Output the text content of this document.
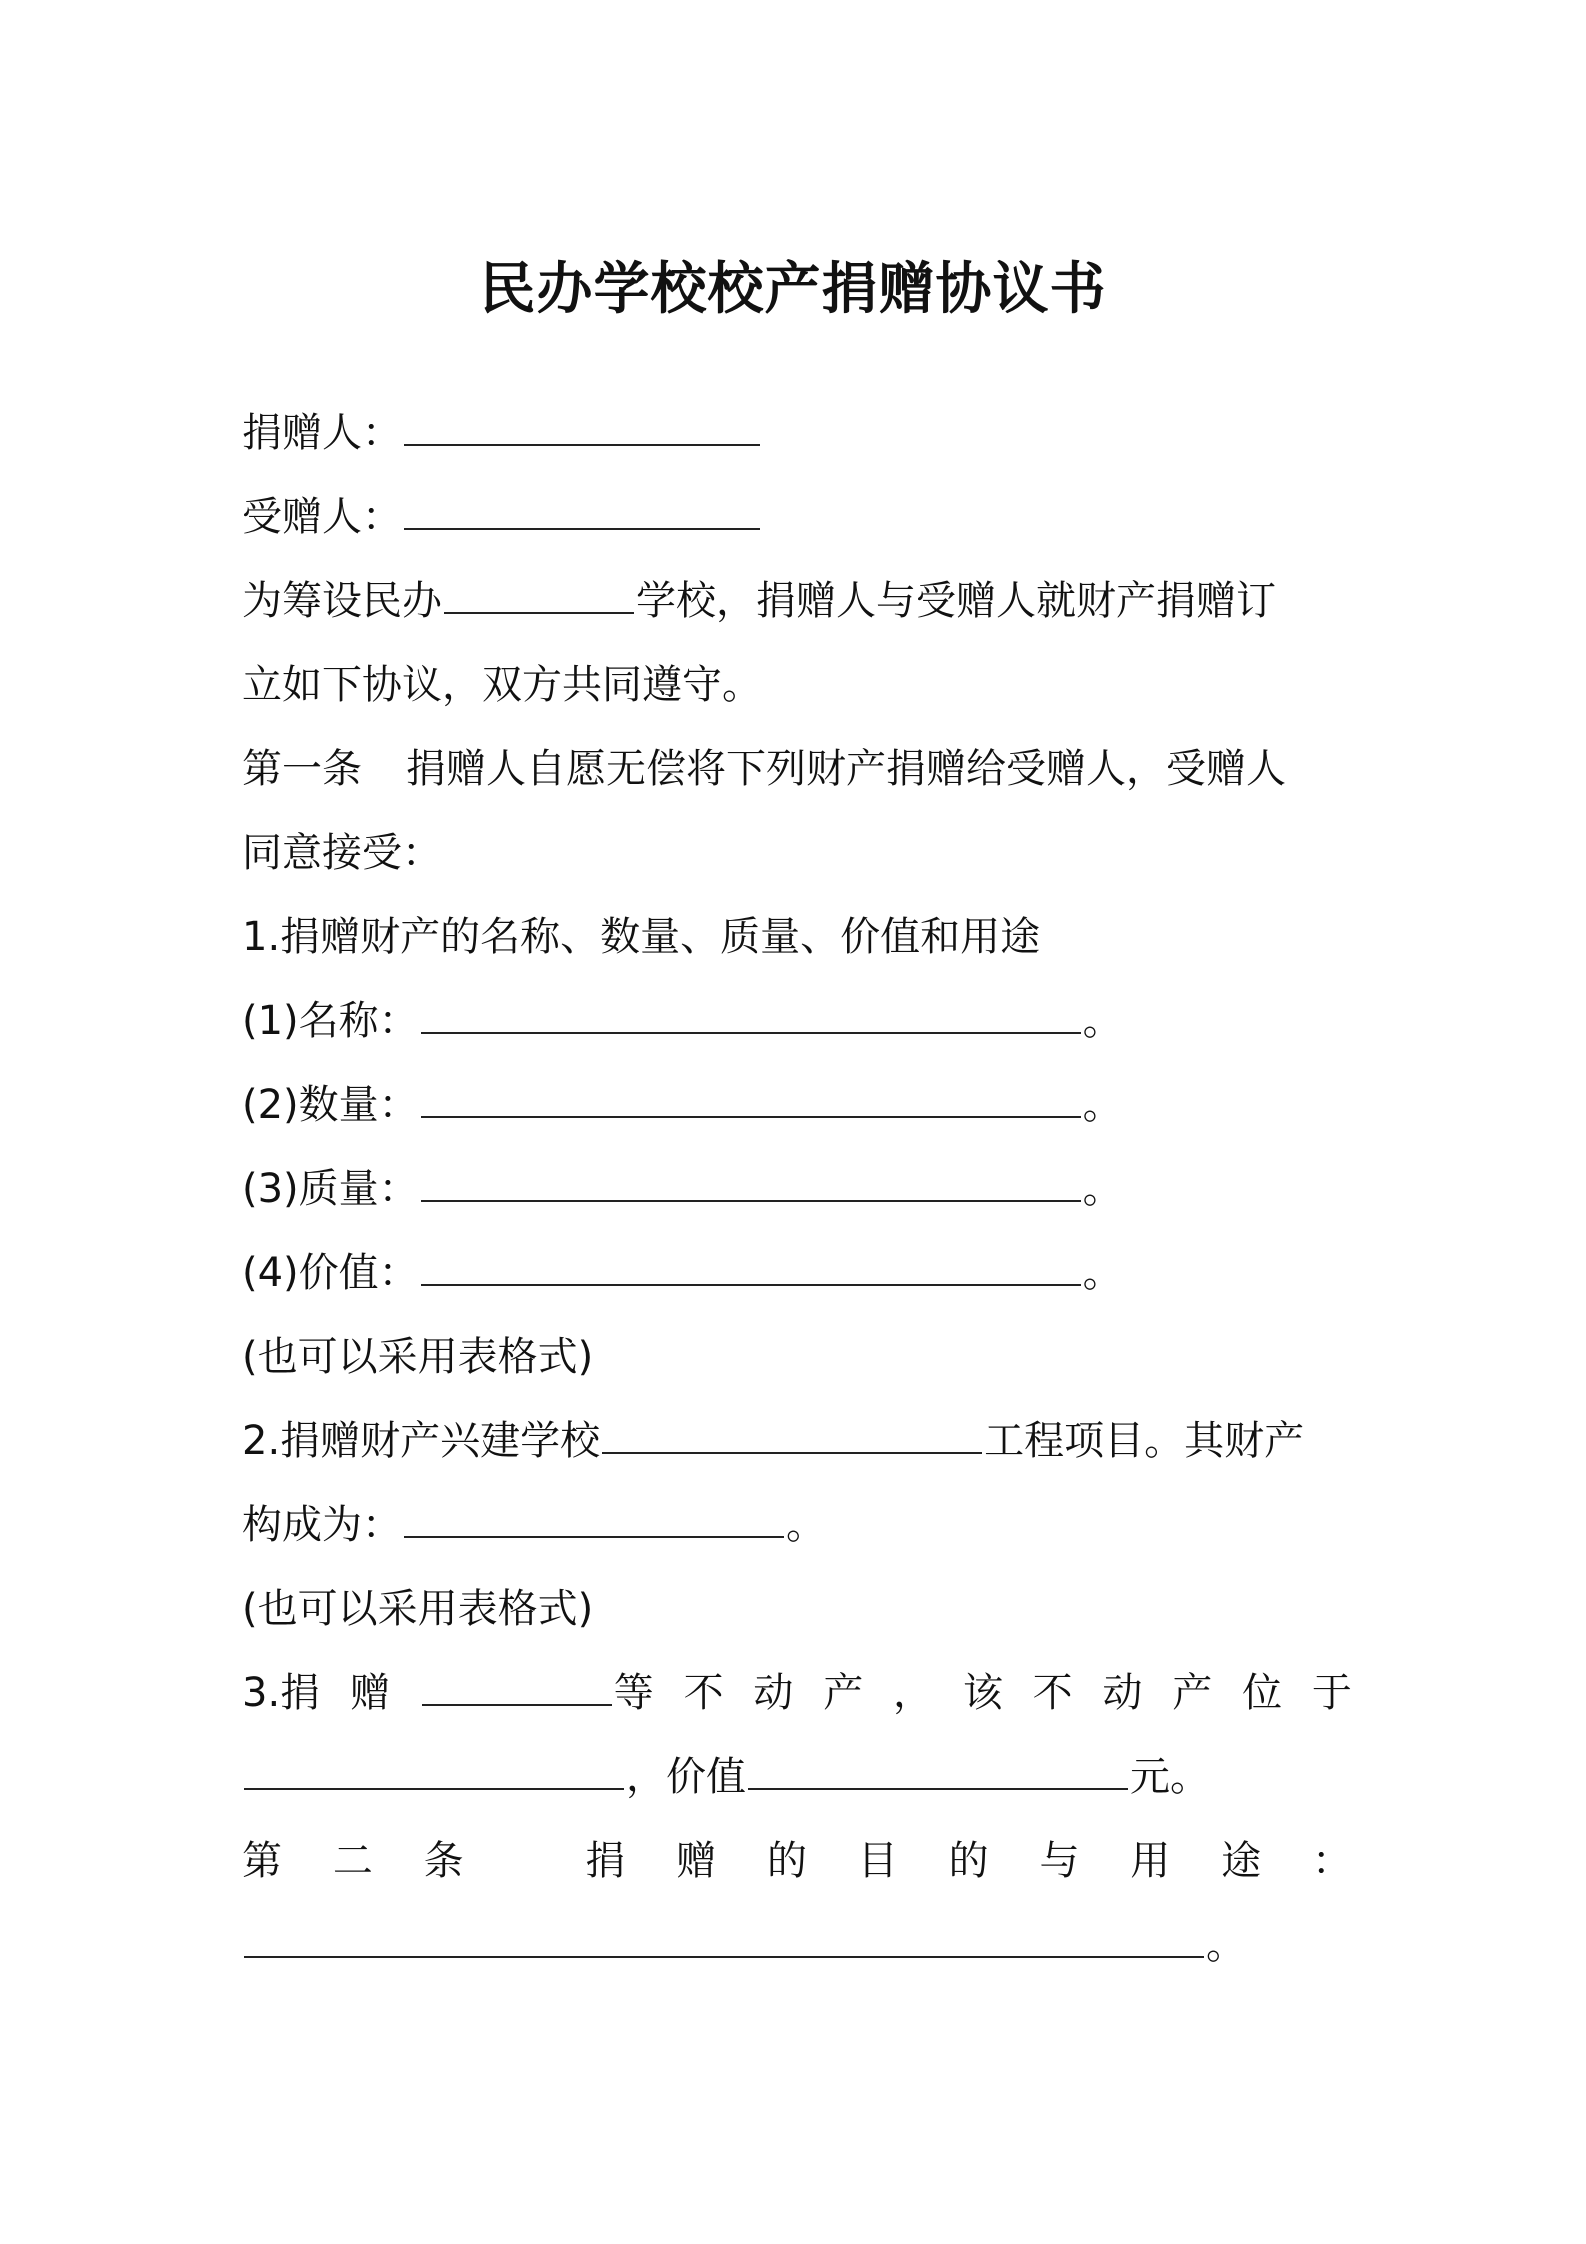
民办学校校产捐赠协议书
捐赠人：
受赠人：
为筹设民办	学校，捐赠人与受赠人就财产捐赠订
立如下协议，双方共同遵守。
第一条 捐赠人自愿无偿将下列财产捐赠给受赠人，受赠人
同意接受：
1.捐赠财产的名称、数量、质量、价值和用途
(1)名称：	。
(2)数量：	。
(3)质量：	。
(4)价值：	。
(也可以采用表格式)
2.捐赠财产兴建学校	工程项目。其财产
构成为：	。
(也可以采用表格式)
3.捐 赠	等 不 动 产 ， 该 不 动 产 位 于
，价值	元。
第 二 条	捐 赠 的 目 的 与 用 途 ：
。
